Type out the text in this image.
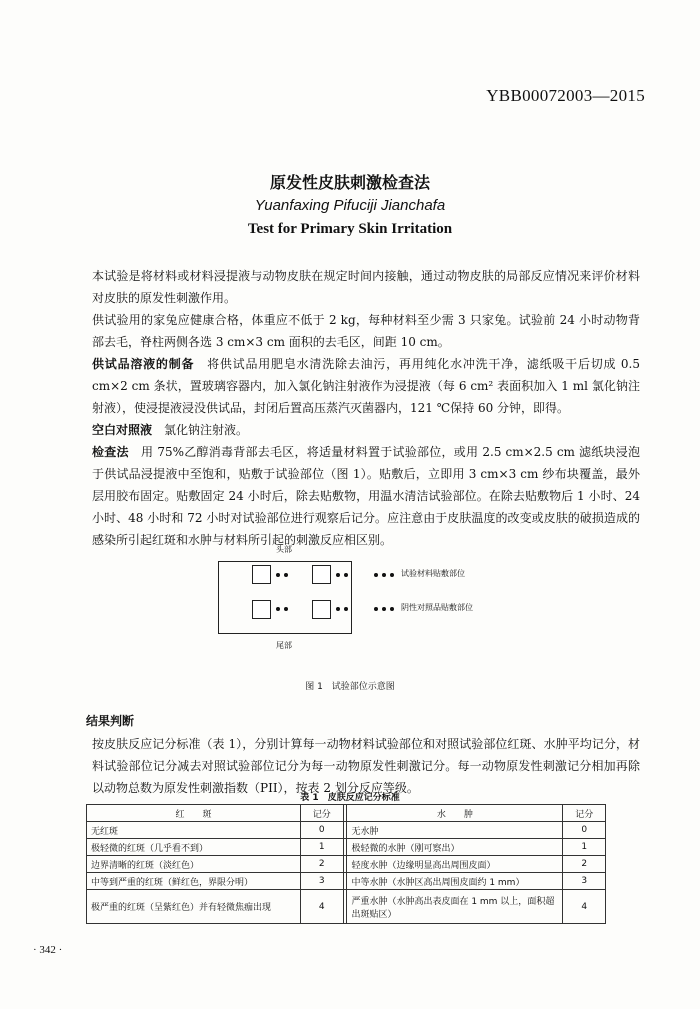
YBB00072003—2015
原发性皮肤刺激检查法
Yuanfaxing Pifuciji Jianchafa
Test for Primary Skin Irritation
本试验是将材料或材料浸提液与动物皮肤在规定时间内接触，通过动物皮肤的局部反应情况来评价材料对皮肤的原发性刺激作用。
供试验用的家兔应健康合格，体重应不低于 2 kg，每种材料至少需 3 只家兔。试验前 24 小时动物背部去毛，脊柱两侧各选 3 cm×3 cm 面积的去毛区，间距 10 cm。
供试品溶液的制备　 将供试品用肥皂水清洗除去油污，再用纯化水冲洗干净，滤纸吸干后切成 0.5 cm×2 cm 条状，置玻璃容器内，加入氯化钠注射液作为浸提液（每 6 cm² 表面积加入 1 ml 氯化钠注射液），使浸提液浸没供试品，封闭后置高压蒸汽灭菌器内，121 ℃保持 60 分钟，即得。
空白对照液　 氯化钠注射液。
检查法　 用 75%乙醇消毒背部去毛区，将适量材料置于试验部位，或用 2.5 cm×2.5 cm 滤纸块浸泡于供试品浸提液中至饱和，贴敷于试验部位（图 1）。贴敷后，立即用 3 cm×3 cm 纱布块覆盖，最外层用胶布固定。贴敷固定 24 小时后，除去贴敷物，用温水清洁试验部位。在除去贴敷物后 1 小时、24 小时、48 小时和 72 小时对试验部位进行观察后记分。应注意由于皮肤温度的改变或皮肤的破损造成的感染所引起红斑和水肿与材料所引起的刺激反应相区别。
头部
试验材料贴敷部位
阴性对照品贴敷部位
尾部
图 1　试验部位示意图
结果判断
按皮肤反应记分标准（表 1），分别计算每一动物材料试验部位和对照试验部位红斑、水肿平均记分，材料试验部位记分减去对照试验部位记分为每一动物原发性刺激记分。每一动物原发性刺激记分相加再除以动物总数为原发性刺激指数（PII），按表 2 划分反应等级。
表 1　皮肤反应记分标准
红　　斑	记分		水　　肿	记分
无红斑	0		无水肿	0
极轻微的红斑（几乎看不到）	1		极轻微的水肿（刚可察出）	1
边界清晰的红斑（淡红色）	2		轻度水肿（边缘明显高出周围皮面）	2
中等到严重的红斑（鲜红色，界限分明）	3		中等水肿（水肿区高出周围皮面约 1 mm）	3
极严重的红斑（呈紫红色）并有轻微焦痂出现	4		严重水肿（水肿高出表皮面在 1 mm 以上，面积超出斑贴区）	4
· 342 ·
